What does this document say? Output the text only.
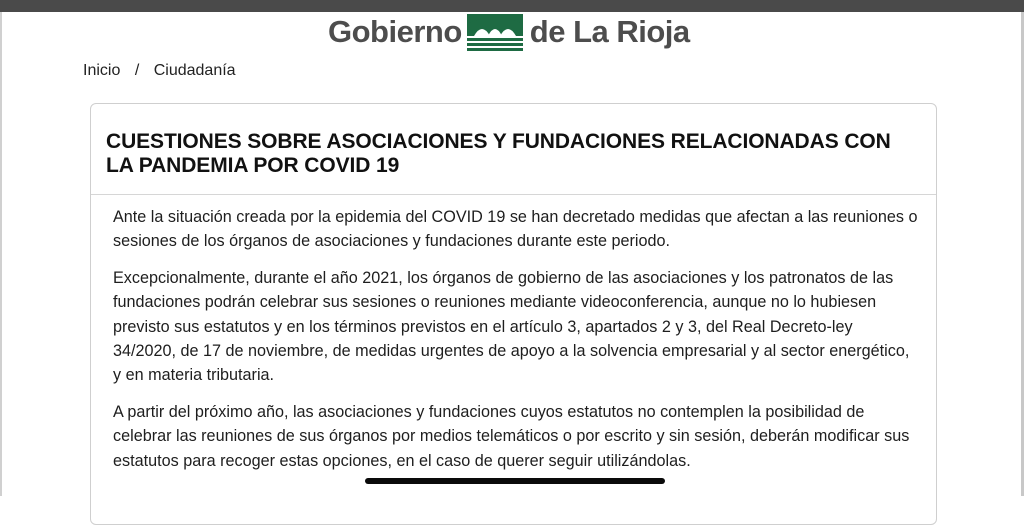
Gobierno de La Rioja
Inicio / Ciudadanía
CUESTIONES SOBRE ASOCIACIONES Y FUNDACIONES RELACIONADAS CON LA PANDEMIA POR COVID 19

Ante la situación creada por la epidemia del COVID 19 se han decretado medidas que afectan a las reuniones o sesiones de los órganos de asociaciones y fundaciones durante este periodo.

Excepcionalmente, durante el año 2021, los órganos de gobierno de las asociaciones y los patronatos de las fundaciones podrán celebrar sus sesiones o reuniones mediante videoconferencia, aunque no lo hubiesen previsto sus estatutos y en los términos previstos en el artículo 3, apartados 2 y 3, del Real Decreto-ley 34/2020, de 17 de noviembre, de medidas urgentes de apoyo a la solvencia empresarial y al sector energético, y en materia tributaria.

A partir del próximo año, las asociaciones y fundaciones cuyos estatutos no contemplen la posibilidad de celebrar las reuniones de sus órganos por medios telemáticos o por escrito y sin sesión, deberán modificar sus estatutos para recoger estas opciones, en el caso de querer seguir utilizándolas.
